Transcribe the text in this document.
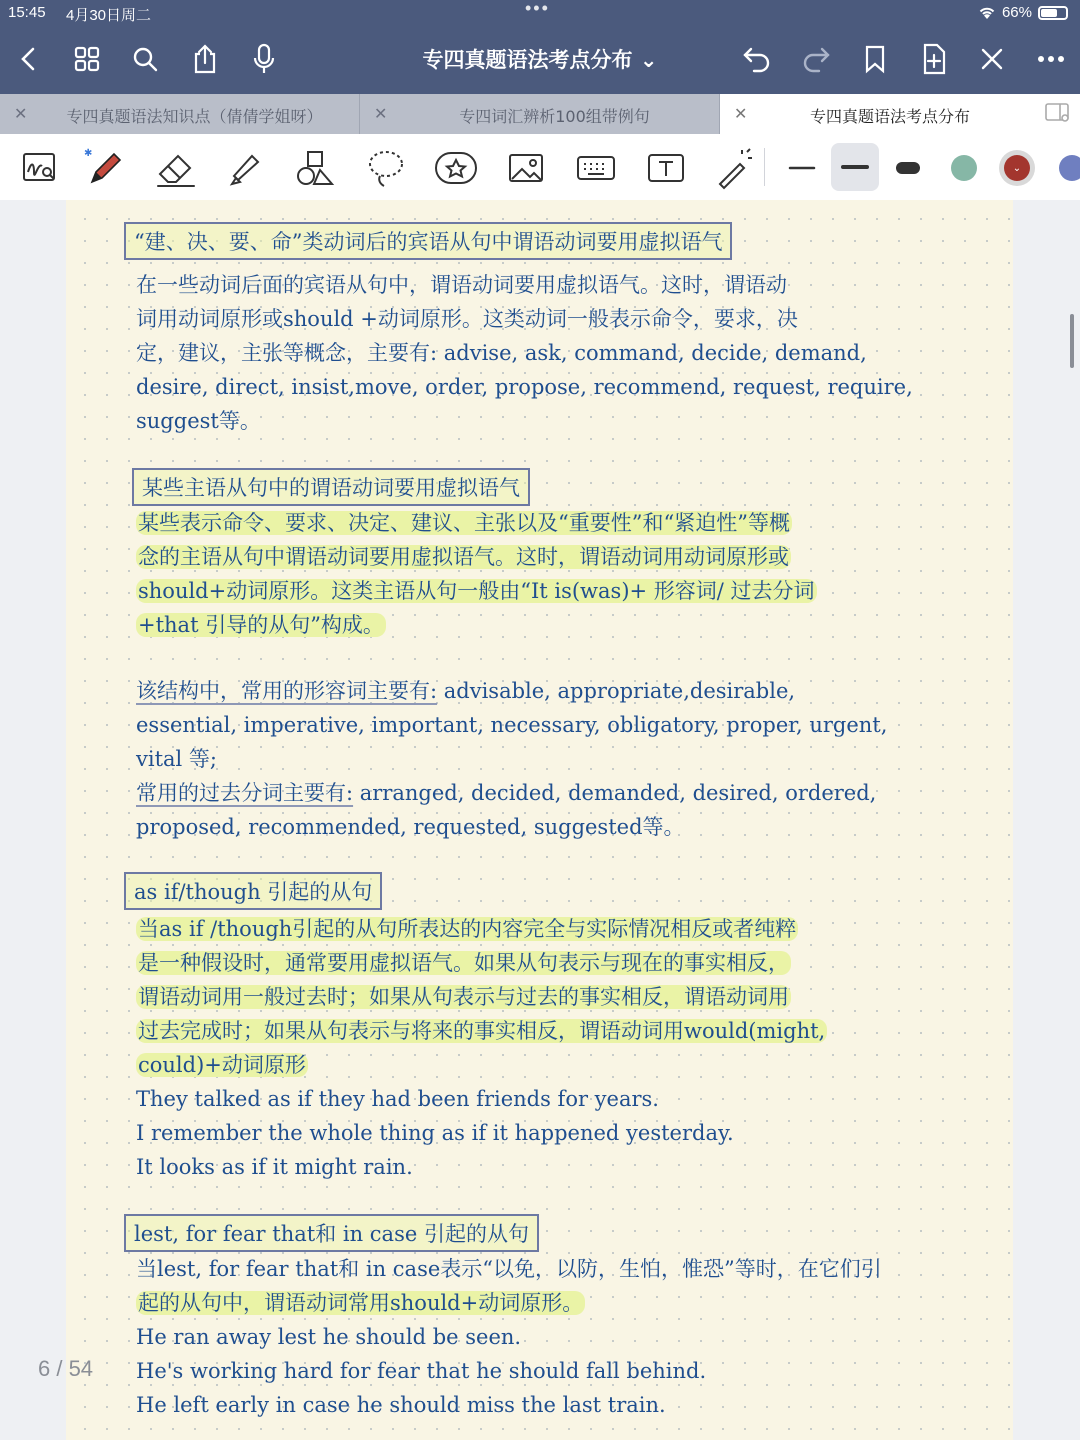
15:45 4月30日周二	•••	66%
专四真题语法考点分布 ⌄
✕	专四真题语法知识点（倩倩学姐呀）	✕	专四词汇辨析100组带例句	✕	专四真题语法考点分布
✱
⌄
6 / 54
“建、决、要、命”类动词后的宾语从句中谓语动词要用虚拟语气
在一些动词后面的宾语从句中，谓语动词要用虚拟语气。这时，谓语动
词用动词原形或should +动词原形。这类动词一般表示命令，要求，决
定，建议，主张等概念，主要有: advise, ask, command, decide, demand,
desire, direct, insist,move, order, propose, recommend, request, require,
suggest等。
某些主语从句中的谓语动词要用虚拟语气
某些表示命令、要求、决定、建议、主张以及“重要性”和“紧迫性”等概
念的主语从句中谓语动词要用虚拟语气。这时，谓语动词用动词原形或
should+动词原形。这类主语从句一般由“It is(was)+ 形容词/ 过去分词
+that 引导的从句”构成。
该结构中，常用的形容词主要有: advisable, appropriate,desirable,
essential, imperative, important, necessary, obligatory, proper, urgent,
vital 等;
常用的过去分词主要有: arranged, decided, demanded, desired, ordered,
proposed, recommended, requested, suggested等。
as if/though 引起的从句
当as if /though引起的从句所表达的内容完全与实际情况相反或者纯粹
是一种假设时，通常要用虚拟语气。如果从句表示与现在的事实相反，
谓语动词用一般过去时；如果从句表示与过去的事实相反，谓语动词用
过去完成时；如果从句表示与将来的事实相反，谓语动词用would(might,
could)+动词原形
They talked as if they had been friends for years.
I remember the whole thing as if it happened yesterday.
It looks as if it might rain.
lest, for fear that和 in case 引起的从句
当lest, for fear that和 in case表示“以免，以防，生怕，惟恐”等时，在它们引
起的从句中，谓语动词常用should+动词原形。
He ran away lest he should be seen.
He's working hard for fear that he should fall behind.
He left early in case he should miss the last train.
